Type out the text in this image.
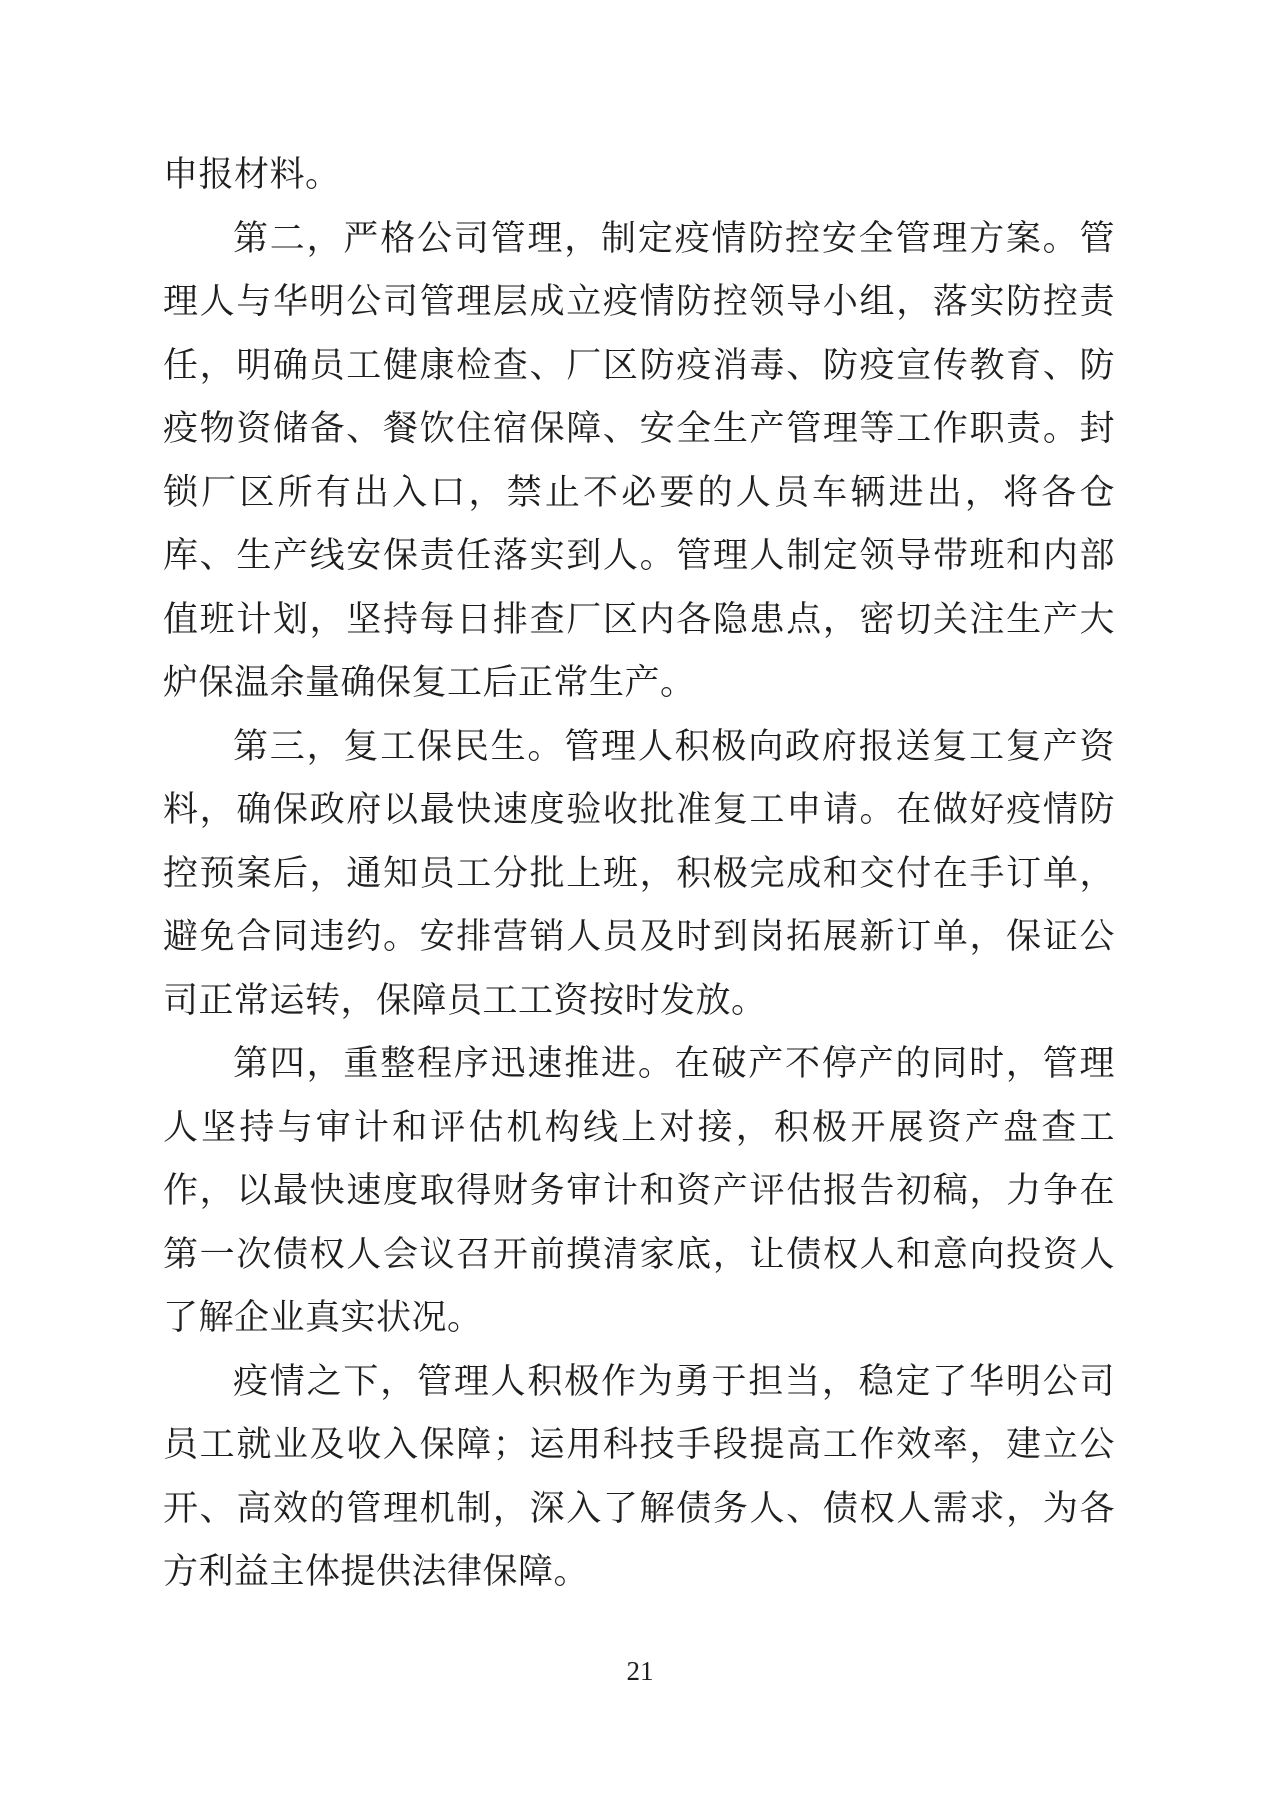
申报材料。

第二，严格公司管理，制定疫情防控安全管理方案。管理人与华明公司管理层成立疫情防控领导小组，落实防控责任，明确员工健康检查、厂区防疫消毒、防疫宣传教育、防疫物资储备、餐饮住宿保障、安全生产管理等工作职责。封锁厂区所有出入口，禁止不必要的人员车辆进出，将各仓库、生产线安保责任落实到人。管理人制定领导带班和内部值班计划，坚持每日排查厂区内各隐患点，密切关注生产大炉保温余量确保复工后正常生产。

第三，复工保民生。管理人积极向政府报送复工复产资料，确保政府以最快速度验收批准复工申请。在做好疫情防控预案后，通知员工分批上班，积极完成和交付在手订单，避免合同违约。安排营销人员及时到岗拓展新订单，保证公司正常运转，保障员工工资按时发放。

第四，重整程序迅速推进。在破产不停产的同时，管理人坚持与审计和评估机构线上对接，积极开展资产盘查工作，以最快速度取得财务审计和资产评估报告初稿，力争在第一次债权人会议召开前摸清家底，让债权人和意向投资人了解企业真实状况。

疫情之下，管理人积极作为勇于担当，稳定了华明公司员工就业及收入保障；运用科技手段提高工作效率，建立公开、高效的管理机制，深入了解债务人、债权人需求，为各方利益主体提供法律保障。

21
